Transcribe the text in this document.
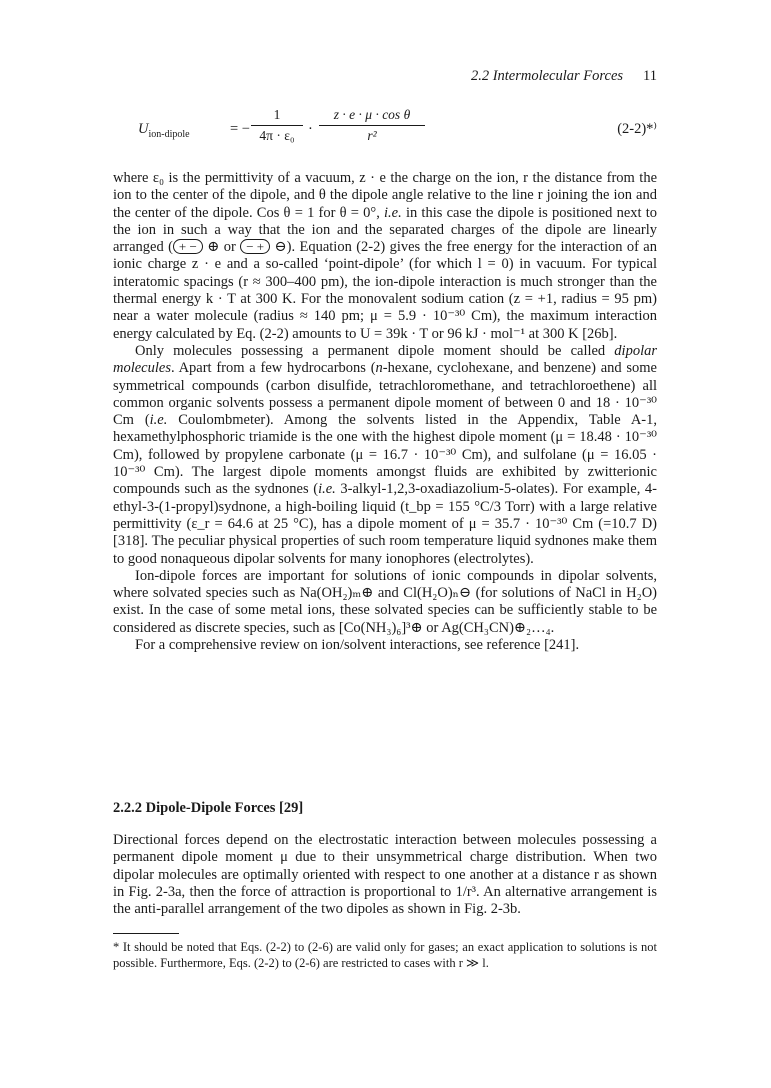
2.2 Intermolecular Forces 11
$U_{ion-dipole}$	= − $\frac{1}{\text{4π · ε₀}} \cdot \frac{\text{z · e · μ · cos θ}}{\text{r²}}$	(2-2)*⁾

where ε₀ is the permittivity of a vacuum, z · e the charge on the ion, r the distance from the ion to the center of the dipole, and θ the dipole angle relative to the line r joining the ion and the center of the dipole. Cos θ = 1 for θ = 0°, i.e. in this case the dipole is positioned next to the ion in such a way that the ion and the separated charges of the dipole are linearly arranged ( + − ⊕ or − + ⊖). Equation (2-2) gives the free energy for the interaction of an ionic charge z · e and a so-called ‘point-dipole’ (for which l = 0) in vacuum. For typical interatomic spacings (r ≈ 300–400 pm), the ion-dipole interaction is much stronger than the thermal energy k · T at 300 K. For the monovalent sodium cation (z = +1, radius = 95 pm) near a water molecule (radius ≈ 140 pm; μ = 5.9 · 10⁻³⁰ Cm), the maximum interaction energy calculated by Eq. (2-2) amounts to U = 39k · T or 96 kJ · mol⁻¹ at 300 K [26b].

Only molecules possessing a permanent dipole moment should be called dipolar molecules. Apart from a few hydrocarbons (n-hexane, cyclohexane, and benzene) and some symmetrical compounds (carbon disulfide, tetrachloromethane, and tetrachloroethene) all common organic solvents possess a permanent dipole moment of between 0 and 18 · 10⁻³⁰ Cm (i.e. Coulombmeter). Among the solvents listed in the Appendix, Table A-1, hexamethylphosphoric triamide is the one with the highest dipole moment (μ = 18.48 · 10⁻³⁰ Cm), followed by propylene carbonate (μ = 16.7 · 10⁻³⁰ Cm), and sulfolane (μ = 16.05 · 10⁻³⁰ Cm). The largest dipole moments amongst fluids are exhibited by zwitterionic compounds such as the sydnones (i.e. 3-alkyl-1,2,3-oxadiazolium-5-olates). For example, 4-ethyl-3-(1-propyl)sydnone, a high-boiling liquid (t_bp = 155 °C/3 Torr) with a large relative permittivity (ε_r = 64.6 at 25 °C), has a dipole moment of μ = 35.7 · 10⁻³⁰ Cm (=10.7 D) [318]. The peculiar physical properties of such room temperature liquid sydnones make them to good nonaqueous dipolar solvents for many ionophores (electrolytes).

Ion-dipole forces are important for solutions of ionic compounds in dipolar solvents, where solvated species such as Na(OH₂)ₘ⊕ and Cl(H₂O)ₙ⊖ (for solutions of NaCl in H₂O) exist. In the case of some metal ions, these solvated species can be sufficiently stable to be considered as discrete species, such as [Co(NH₃)₆]³⊕ or Ag(CH₃CN)⊕₂…₄.

For a comprehensive review on ion/solvent interactions, see reference [241].

2.2.2 Dipole-Dipole Forces [29]

Directional forces depend on the electrostatic interaction between molecules possessing a permanent dipole moment μ due to their unsymmetrical charge distribution. When two dipolar molecules are optimally oriented with respect to one another at a distance r as shown in Fig. 2-3a, then the force of attraction is proportional to 1/r³. An alternative arrangement is the anti-parallel arrangement of the two dipoles as shown in Fig. 2-3b.

* It should be noted that Eqs. (2-2) to (2-6) are valid only for gases; an exact application to solutions is not possible. Furthermore, Eqs. (2-2) to (2-6) are restricted to cases with r ≫ l.
